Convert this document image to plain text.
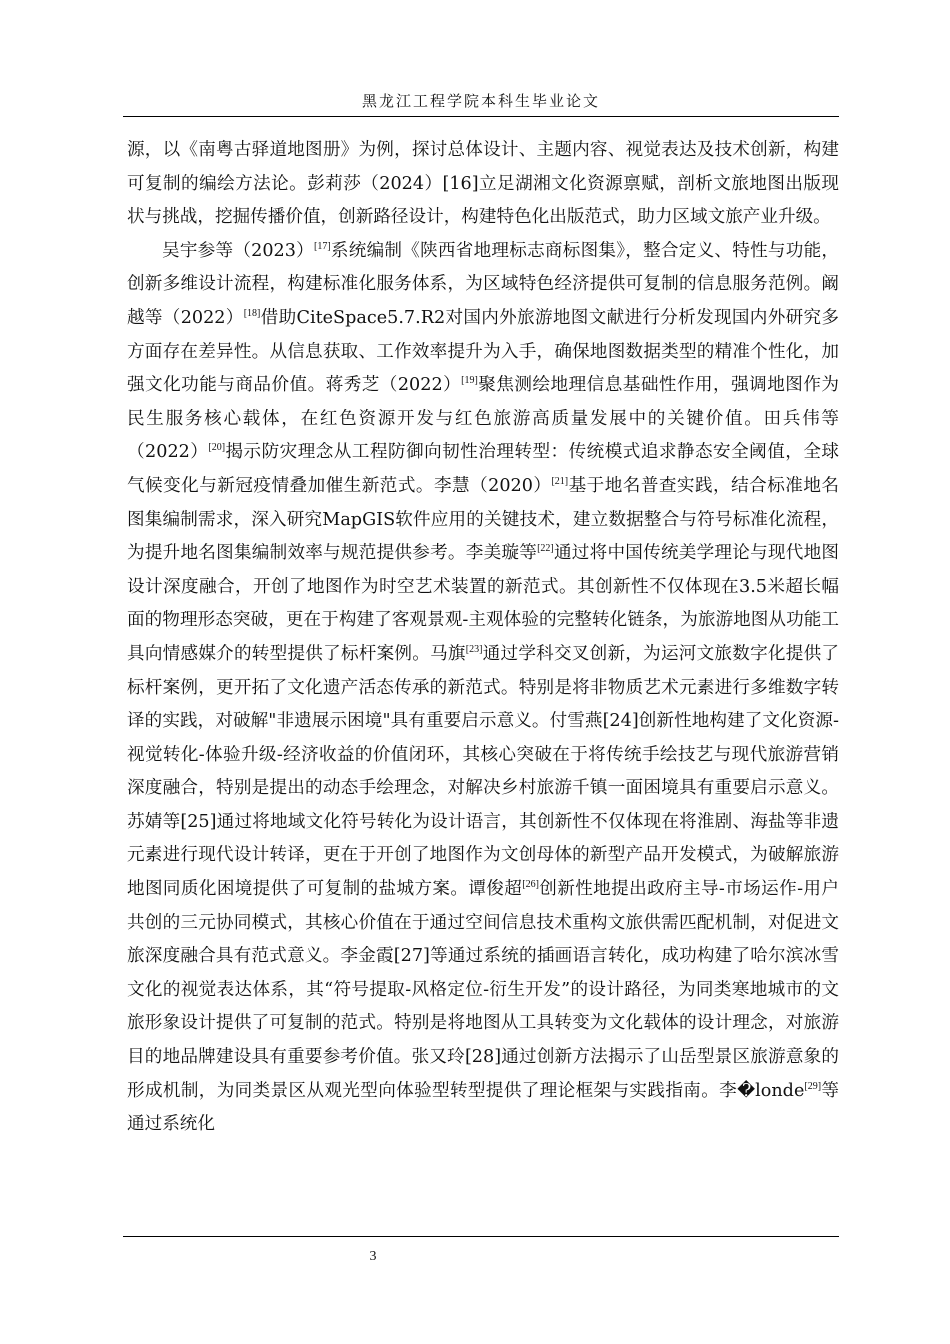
黑龙江工程学院本科生毕业论文

源，以《南粤古驿道地图册》为例，探讨总体设计、主题内容、视觉表达及技术创新，构建可复制的编绘方法论。彭莉莎（2024）[16]立足湖湘文化资源禀赋，剖析文旅地图出版现状与挑战，挖掘传播价值，创新路径设计，构建特色化出版范式，助力区域文旅产业升级。

吴宇参等（2023）[17]系统编制《陕西省地理标志商标图集》，整合定义、特性与功能，创新多维设计流程，构建标准化服务体系，为区域特色经济提供可复制的信息服务范例。阚越等（2022）[18]借助CiteSpace5.7.R2对国内外旅游地图文献进行分析发现国内外研究多方面存在差异性。从信息获取、工作效率提升为入手，确保地图数据类型的精准个性化，加强文化功能与商品价值。蒋秀芝（2022）[19]聚焦测绘地理信息基础性作用，强调地图作为民生服务核心载体，在红色资源开发与红色旅游高质量发展中的关键价值。田兵伟等（2022）[20]揭示防灾理念从工程防御向韧性治理转型：传统模式追求静态安全阈值，全球气候变化与新冠疫情叠加催生新范式。李慧（2020）[21]基于地名普查实践，结合标准地名图集编制需求，深入研究MapGIS软件应用的关键技术，建立数据整合与符号标准化流程，为提升地名图集编制效率与规范提供参考。李美璇等[22]通过将中国传统美学理论与现代地图设计深度融合，开创了地图作为时空艺术装置的新范式。其创新性不仅体现在3.5米超长幅面的物理形态突破，更在于构建了客观景观-主观体验的完整转化链条，为旅游地图从功能工具向情感媒介的转型提供了标杆案例。马旗[23]通过学科交叉创新，为运河文旅数字化提供了标杆案例，更开拓了文化遗产活态传承的新范式。特别是将非物质艺术元素进行多维数字转译的实践，对破解"非遗展示困境"具有重要启示意义。付雪燕[24]创新性地构建了文化资源-视觉转化-体验升级-经济收益的价值闭环，其核心突破在于将传统手绘技艺与现代旅游营销深度融合，特别是提出的动态手绘理念，对解决乡村旅游千镇一面困境具有重要启示意义。苏婧等[25]通过将地域文化符号转化为设计语言，其创新性不仅体现在将淮剧、海盐等非遗元素进行现代设计转译，更在于开创了地图作为文创母体的新型产品开发模式，为破解旅游地图同质化困境提供了可复制的盐城方案。谭俊超[26]创新性地提出政府主导-市场运作-用户共创的三元协同模式，其核心价值在于通过空间信息技术重构文旅供需匹配机制，对促进文旅深度融合具有范式意义。李金霞[27]等通过系统的插画语言转化，成功构建了哈尔滨冰雪文化的视觉表达体系，其“符号提取-风格定位-衍生开发”的设计路径，为同类寒地城市的文旅形象设计提供了可复制的范式。特别是将地图从工具转变为文化载体的设计理念，对旅游目的地品牌建设具有重要参考价值。张又玲[28]通过创新方法揭示了山岳型景区旅游意象的形成机制，为同类景区从观光型向体验型转型提供了理论框架与实践指南。李�londe[29]等通过系统化

3
